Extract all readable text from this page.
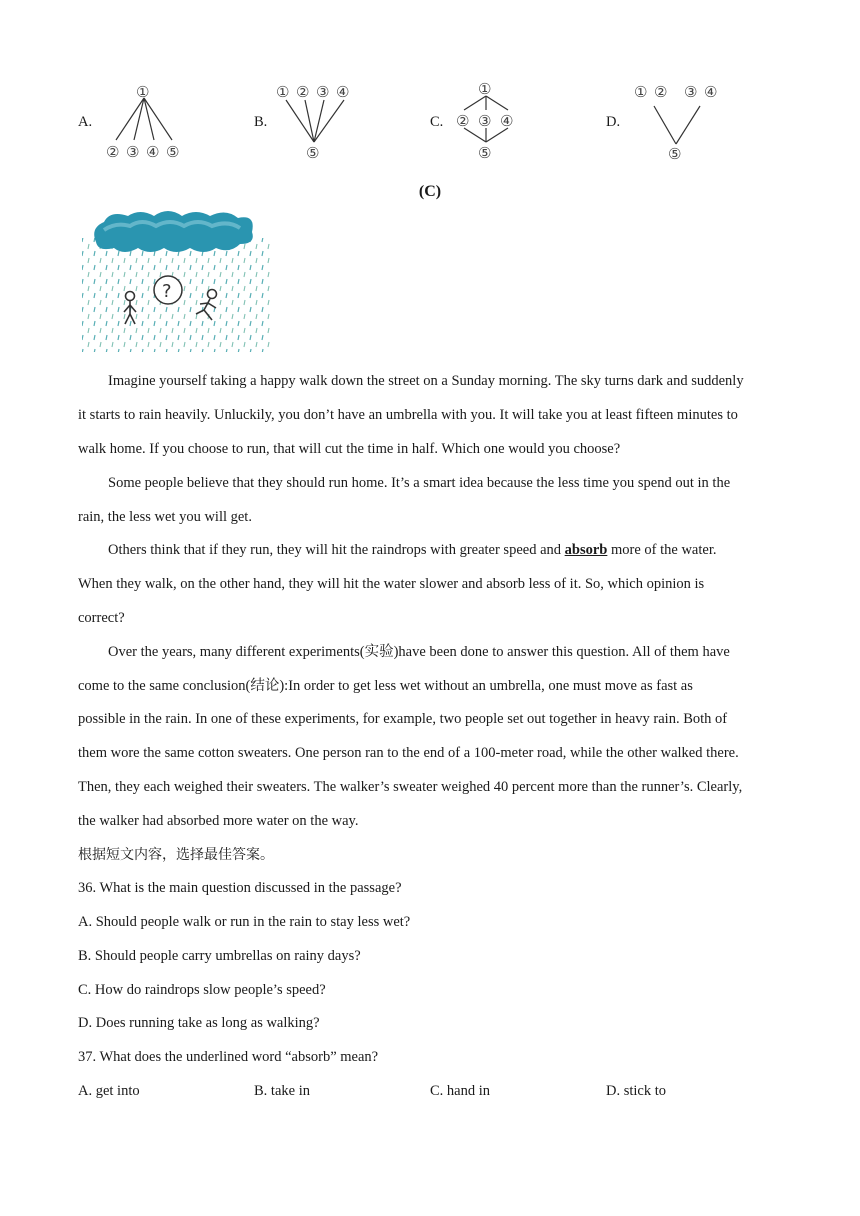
A.
①
② ③ ④ ⑤
B.
① ② ③ ④
⑤
C.
①
② ③ ④
⑤
D.
① ② ③ ④
⑤
(C)
?
Imagine yourself taking a happy walk down the street on a Sunday morning. The sky turns dark and suddenly
it starts to rain heavily. Unluckily, you don’t have an umbrella with you. It will take you at least fifteen minutes to
walk home. If you choose to run, that will cut the time in half. Which one would you choose?
Some people believe that they should run home. It’s a smart idea because the less time you spend out in the
rain, the less wet you will get.
Others think that if they run, they will hit the raindrops with greater speed and absorb more of the water.
When they walk, on the other hand, they will hit the water slower and absorb less of it. So, which opinion is
correct?
Over the years, many different experiments(实验)have been done to answer this question. All of them have
come to the same conclusion(结论):In order to get less wet without an umbrella, one must move as fast as
possible in the rain. In one of these experiments, for example, two people set out together in heavy rain. Both of
them wore the same cotton sweaters. One person ran to the end of a 100-meter road, while the other walked there.
Then, they each weighed their sweaters. The walker’s sweater weighed 40 percent more than the runner’s. Clearly,
the walker had absorbed more water on the way.
根据短文内容，选择最佳答案。
36. What is the main question discussed in the passage?
A. Should people walk or run in the rain to stay less wet?
B. Should people carry umbrellas on rainy days?
C. How do raindrops slow people’s speed?
D. Does running take as long as walking?
37. What does the underlined word “absorb” mean?
A. get into	B. take in	C. hand in	D. stick to
